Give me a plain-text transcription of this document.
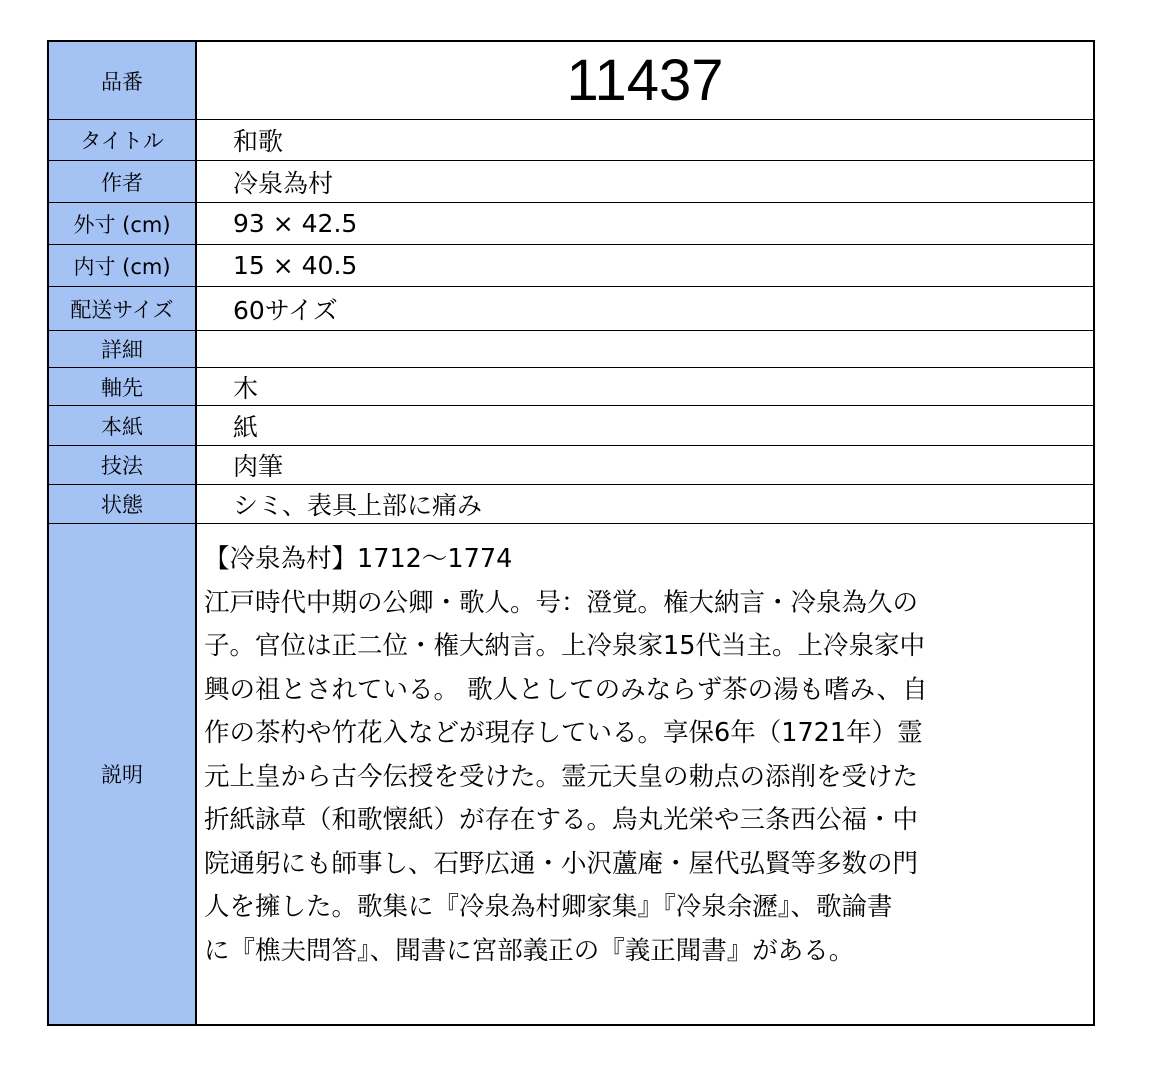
品番	11437
タイトル	和歌
作者	冷泉為村
外寸 (cm)	93 × 42.5
内寸 (cm)	15 × 40.5
配送サイズ	60サイズ
詳細
軸先	木
本紙	紙
技法	肉筆
状態	シミ、表具上部に痛み
説明
【冷泉為村】1712〜1774
江戸時代中期の公卿・歌人。号：澄覚。権大納言・冷泉為久の
子。官位は正二位・権大納言。上冷泉家15代当主。上冷泉家中
興の祖とされている。 歌人としてのみならず茶の湯も嗜み、自
作の茶杓や竹花入などが現存している。享保6年（1721年）霊
元上皇から古今伝授を受けた。霊元天皇の勅点の添削を受けた
折紙詠草（和歌懐紙）が存在する。烏丸光栄や三条西公福・中
院通躬にも師事し、石野広通・小沢蘆庵・屋代弘賢等多数の門
人を擁した。歌集に『冷泉為村卿家集』『冷泉余瀝』、歌論書
に『樵夫問答』、聞書に宮部義正の『義正聞書』がある。
